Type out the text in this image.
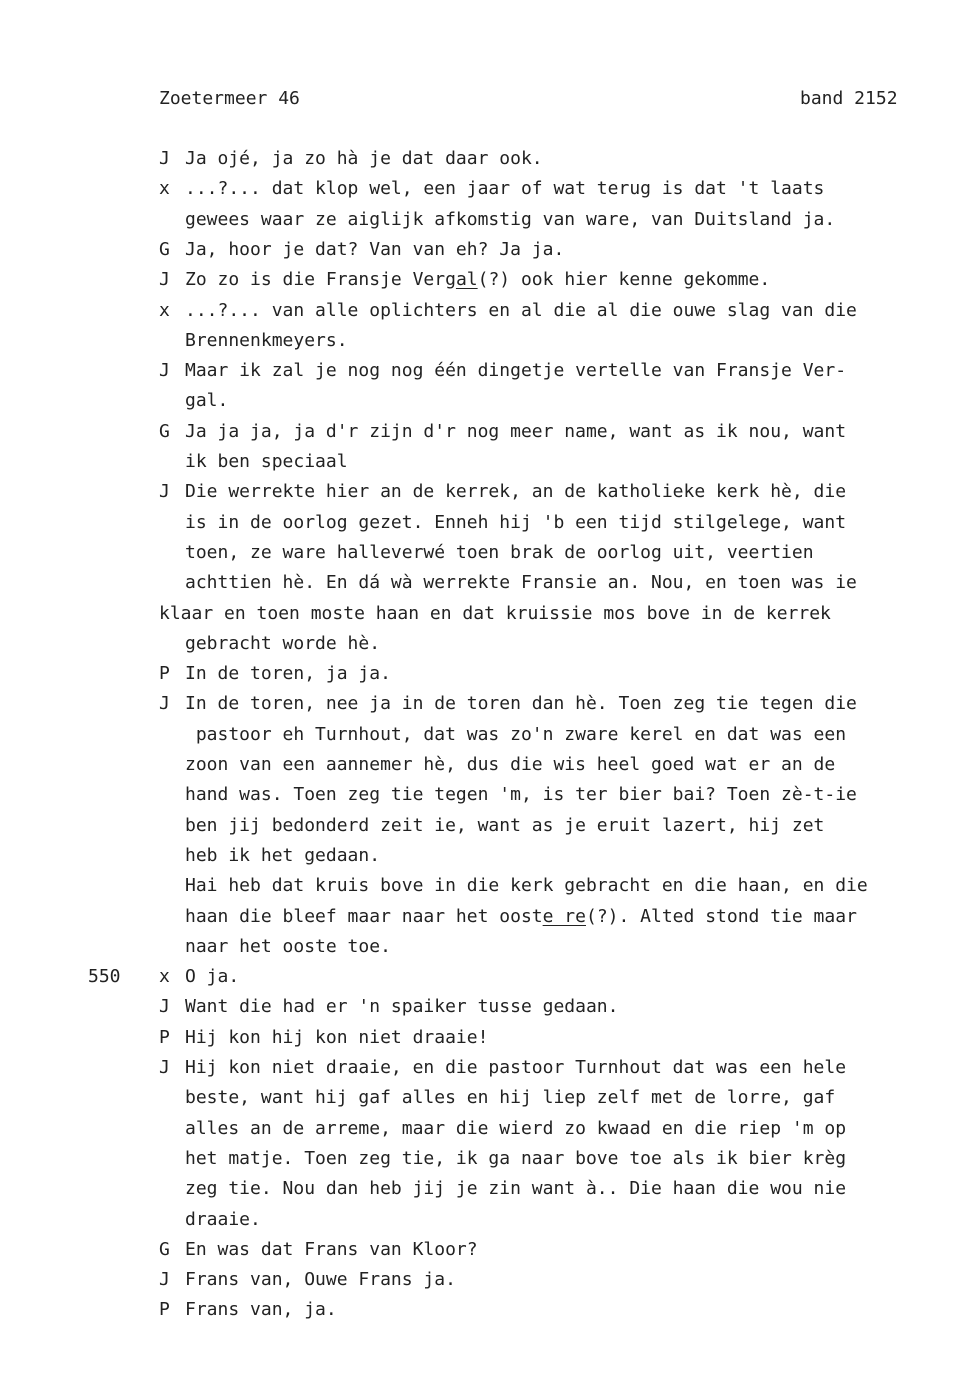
Zoetermeer 46	band 2152
J Ja ojé, ja zo hà je dat daar ook.
x ...?... dat klop wel, een jaar of wat terug is dat 't laats
gewees waar ze aiglijk afkomstig van ware, van Duitsland ja.
G Ja, hoor je dat? Van van eh? Ja ja.
J Zo zo is die Fransje Vergal(?) ook hier kenne gekomme.
x ...?... van alle oplichters en al die al die ouwe slag van die
Brennenkmeyers.
J Maar ik zal je nog nog één dingetje vertelle van Fransje Ver-
gal.
G Ja ja ja, ja d'r zijn d'r nog meer name, want as ik nou, want
ik ben speciaal
J Die werrekte hier an de kerrek, an de katholieke kerk hè, die
is in de oorlog gezet. Enneh hij 'b een tijd stilgelege, want
toen, ze ware halleverwé toen brak de oorlog uit, veertien
achttien hè. En dá wà werrekte Fransie an. Nou, en toen was ie
klaar en toen moste haan en dat kruissie mos bove in de kerrek
gebracht worde hè.
P In de toren, ja ja.
J In de toren, nee ja in de toren dan hè. Toen zeg tie tegen die
pastoor eh Turnhout, dat was zo'n zware kerel en dat was een
zoon van een aannemer hè, dus die wis heel goed wat er an de
hand was. Toen zeg tie tegen 'm, is ter bier bai? Toen zè-t-ie
ben jij bedonderd zeit ie, want as je eruit lazert, hij zet
heb ik het gedaan.
Hai heb dat kruis bove in die kerk gebracht en die haan, en die
haan die bleef maar naar het ooste re(?). Alted stond tie maar
naar het ooste toe.
550 x O ja.
J Want die had er 'n spaiker tusse gedaan.
P Hij kon hij kon niet draaie!
J Hij kon niet draaie, en die pastoor Turnhout dat was een hele
beste, want hij gaf alles en hij liep zelf met de lorre, gaf
alles an de arreme, maar die wierd zo kwaad en die riep 'm op
het matje. Toen zeg tie, ik ga naar bove toe als ik bier krèg
zeg tie. Nou dan heb jij je zin want à.. Die haan die wou nie
draaie.
G En was dat Frans van Kloor?
J Frans van, Ouwe Frans ja.
P Frans van, ja.
